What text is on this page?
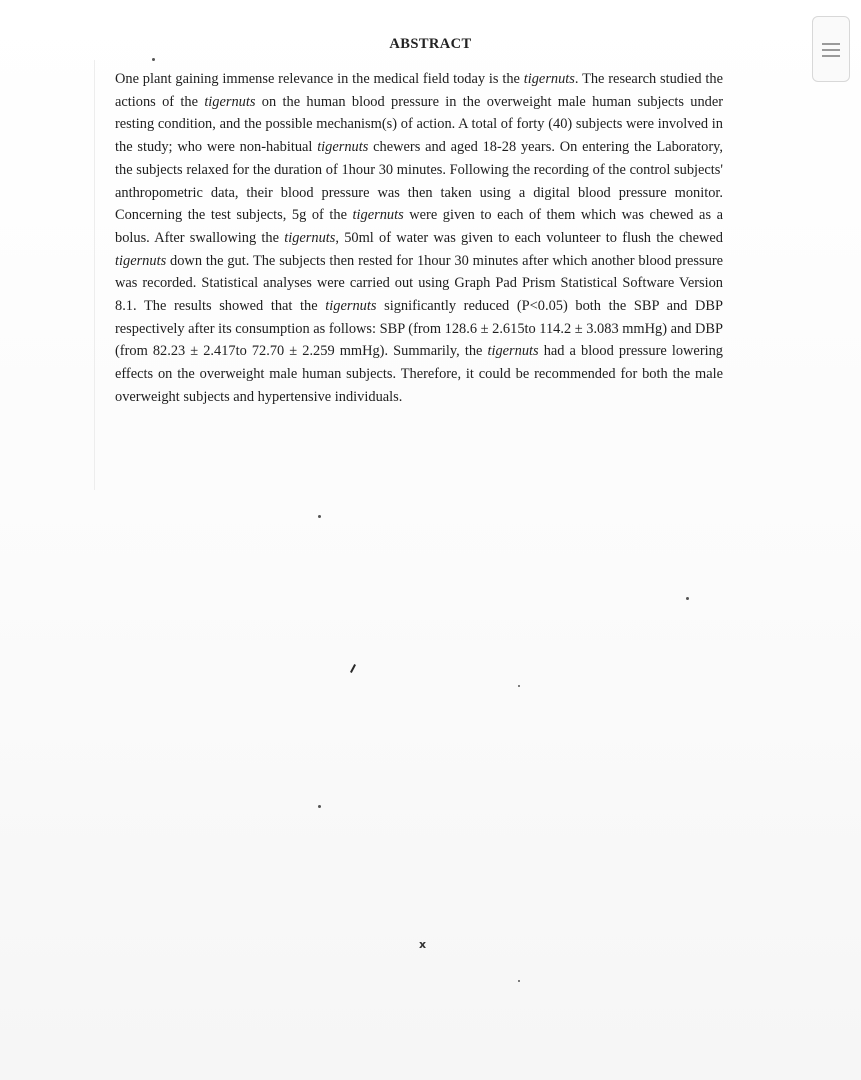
ABSTRACT
One plant gaining immense relevance in the medical field today is the tigernuts. The research studied the actions of the tigernuts on the human blood pressure in the overweight male human subjects under resting condition, and the possible mechanism(s) of action. A total of forty (40) subjects were involved in the study; who were non-habitual tigernuts chewers and aged 18-28 years. On entering the Laboratory, the subjects relaxed for the duration of 1hour 30 minutes. Following the recording of the control subjects' anthropometric data, their blood pressure was then taken using a digital blood pressure monitor. Concerning the test subjects, 5g of the tigernuts were given to each of them which was chewed as a bolus. After swallowing the tigernuts, 50ml of water was given to each volunteer to flush the chewed tigernuts down the gut. The subjects then rested for 1hour 30 minutes after which another blood pressure was recorded. Statistical analyses were carried out using Graph Pad Prism Statistical Software Version 8.1. The results showed that the tigernuts significantly reduced (P<0.05) both the SBP and DBP respectively after its consumption as follows: SBP (from 128.6 ± 2.615to 114.2 ± 3.083 mmHg) and DBP (from 82.23 ± 2.417to 72.70 ± 2.259 mmHg). Summarily, the tigernuts had a blood pressure lowering effects on the overweight male human subjects. Therefore, it could be recommended for both the male overweight subjects and hypertensive individuals.
x
